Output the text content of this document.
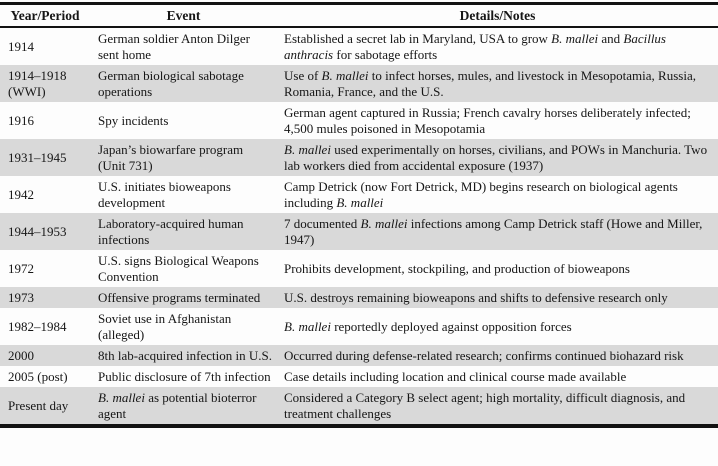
Year/Period	Event	Details/Notes
1914	German soldier Anton Dilger sent home	Established a secret lab in Maryland, USA to grow B. mallei and Bacillus anthracis for sabotage efforts
1914–1918 (WWI)	German biological sabotage operations	Use of B. mallei to infect horses, mules, and livestock in Mesopotamia, Russia, Romania, France, and the U.S.
1916	Spy incidents	German agent captured in Russia; French cavalry horses deliberately infected; 4,500 mules poisoned in Mesopotamia
1931–1945	Japan’s biowarfare program (Unit 731)	B. mallei used experimentally on horses, civilians, and POWs in Manchuria. Two lab workers died from accidental exposure (1937)
1942	U.S. initiates bioweapons development	Camp Detrick (now Fort Detrick, MD) begins research on biological agents including B. mallei
1944–1953	Laboratory-acquired human infections	7 documented B. mallei infections among Camp Detrick staff (Howe and Miller, 1947)
1972	U.S. signs Biological Weapons Convention	Prohibits development, stockpiling, and production of bioweapons
1973	Offensive programs terminated	U.S. destroys remaining bioweapons and shifts to defensive research only
1982–1984	Soviet use in Afghanistan (alleged)	B. mallei reportedly deployed against opposition forces
2000	8th lab-acquired infection in U.S.	Occurred during defense-related research; confirms continued biohazard risk
2005 (post)	Public disclosure of 7th infection	Case details including location and clinical course made available
Present day	B. mallei as potential bioterror agent	Considered a Category B select agent; high mortality, difficult diagnosis, and treatment challenges
